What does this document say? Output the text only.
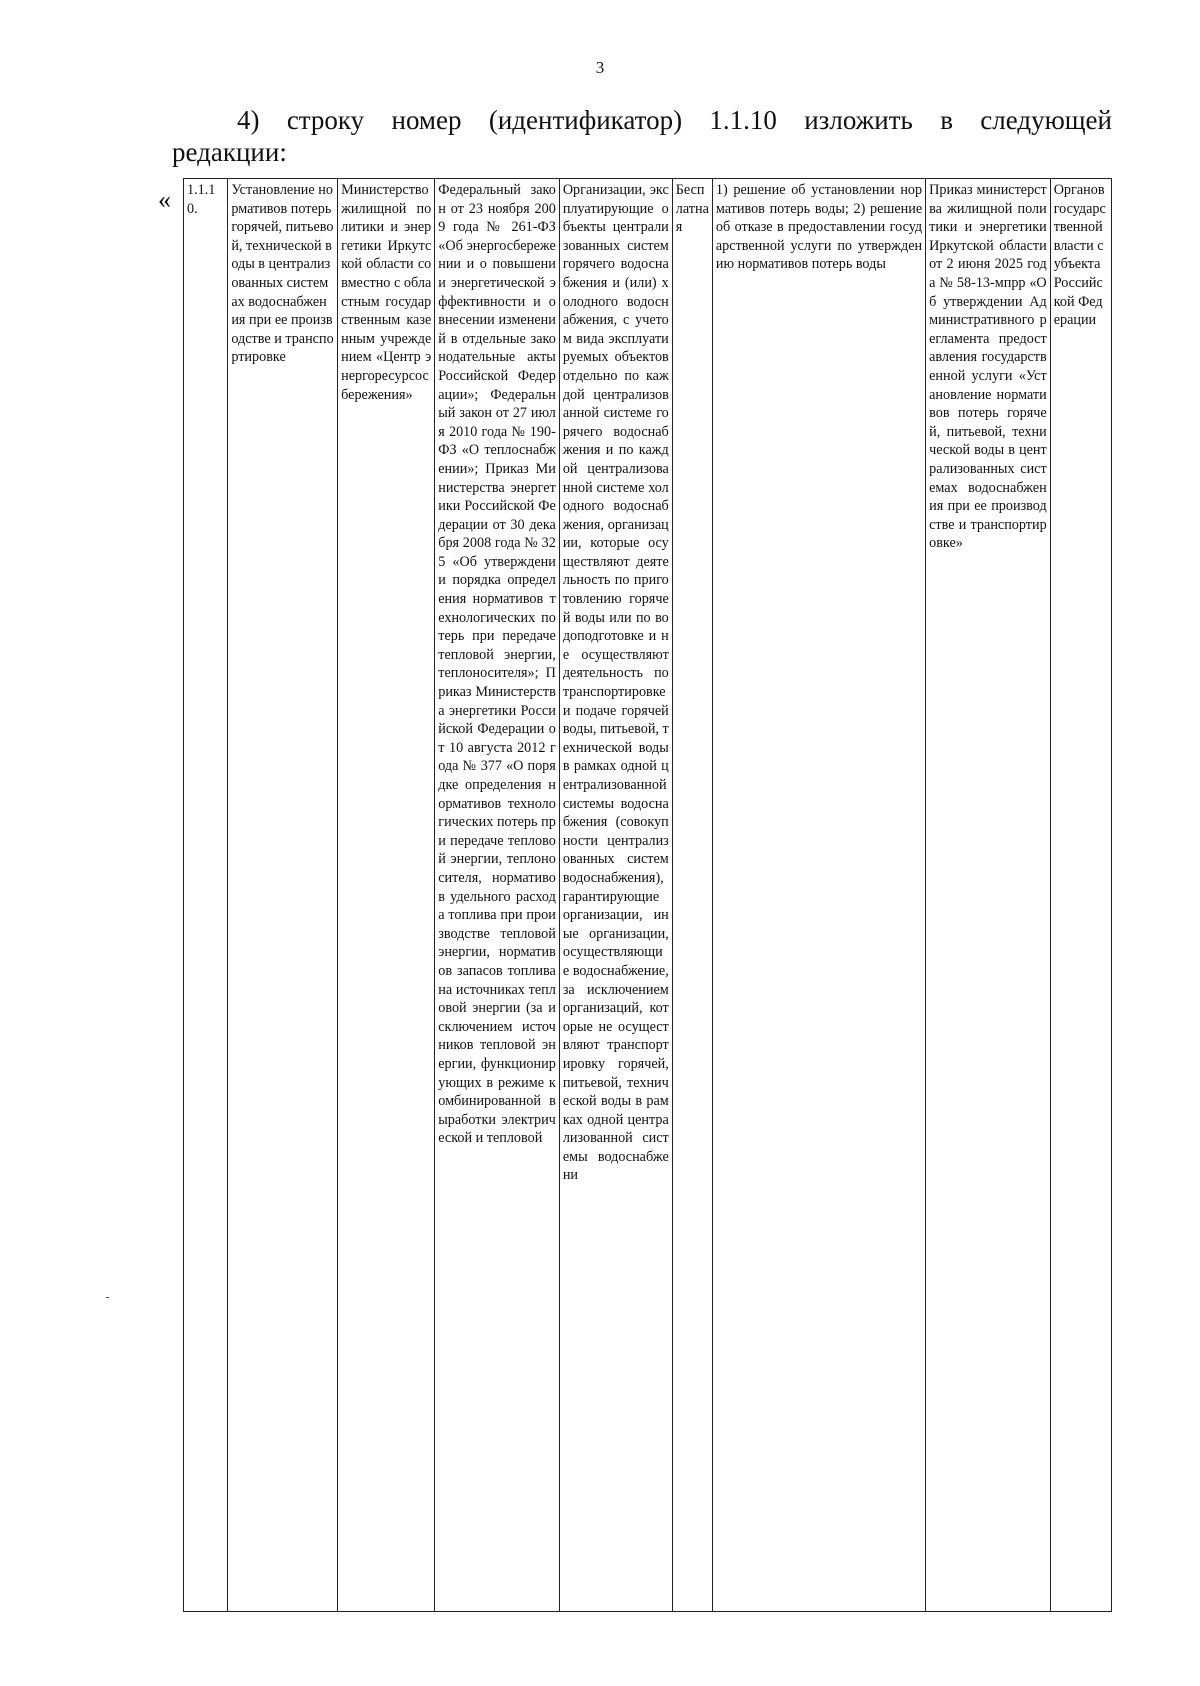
3
4) строку номер (идентификатор) 1.1.10 изложить в следующей
редакции:
« 1.1.10.	Установление нормативов потерь горячей, питьевой, технической воды в централизованных системах водоснабжения при ее производстве и транспортировке	Министерство жилищной политики и энергетики Иркутской области совместно с областным государственным казенным учреждением «Центр энергоресурсосбережения»	Федеральный закон от 23 ноября 2009 года № 261-ФЗ «Об энергосбережении и о повышении энергетической эффективности и о внесении изменений в отдельные законодательные акты Российской Федерации»; Федеральный закон от 27 июля 2010 года № 190-ФЗ «О теплоснабжении»; Приказ Министерства энергетики Российской Федерации от 30 декабря 2008 года № 325 «Об утверждении порядка определения нормативов технологических потерь при передаче тепловой энергии, теплоносителя»; Приказ Министерства энергетики Российской Федерации от 10 августа 2012 года № 377 «О порядке определения нормативов технологических потерь при передаче тепловой энергии, теплоносителя, нормативов удельного расхода топлива при производстве тепловой энергии, нормативов запасов топлива на источниках тепловой энергии (за исключением источников тепловой энергии, функционирующих в режиме комбинированной выработки электрической и тепловой	Организации, эксплуатирующие объекты централизованных систем горячего водоснабжения и (или) холодного водоснабжения, с учетом вида эксплуатируемых объектов отдельно по каждой централизованной системе горячего водоснабжения и по каждой централизованной системе холодного водоснабжения, организации, которые осуществляют деятельность по приготовлению горячей воды или по водоподготовке и не осуществляют деятельность по транспортировке и подаче горячей воды, питьевой, технической воды в рамках одной централизованной системы водоснабжения (совокупности централизованных систем водоснабжения), гарантирующие организации, иные организации, осуществляющие водоснабжение, за исключением организаций, которые не осуществляют транспортировку горячей, питьевой, технической воды в рамках одной централизованной системы водоснабжени	Бесплатная	1) решение об установлении нормативов потерь воды; 2) решение об отказе в предоставлении государственной услуги по утверждению нормативов потерь воды	Приказ министерства жилищной политики и энергетики Иркутской области от 2 июня 2025 года № 58-13-мпрр «Об утверждении Административного регламента предоставления государственной услуги «Установление нормативов потерь горячей, питьевой, технической воды в централизованных системах водоснабжения при ее производстве и транспортировке»	Органов государственной власти субъекта Российской Федерации
